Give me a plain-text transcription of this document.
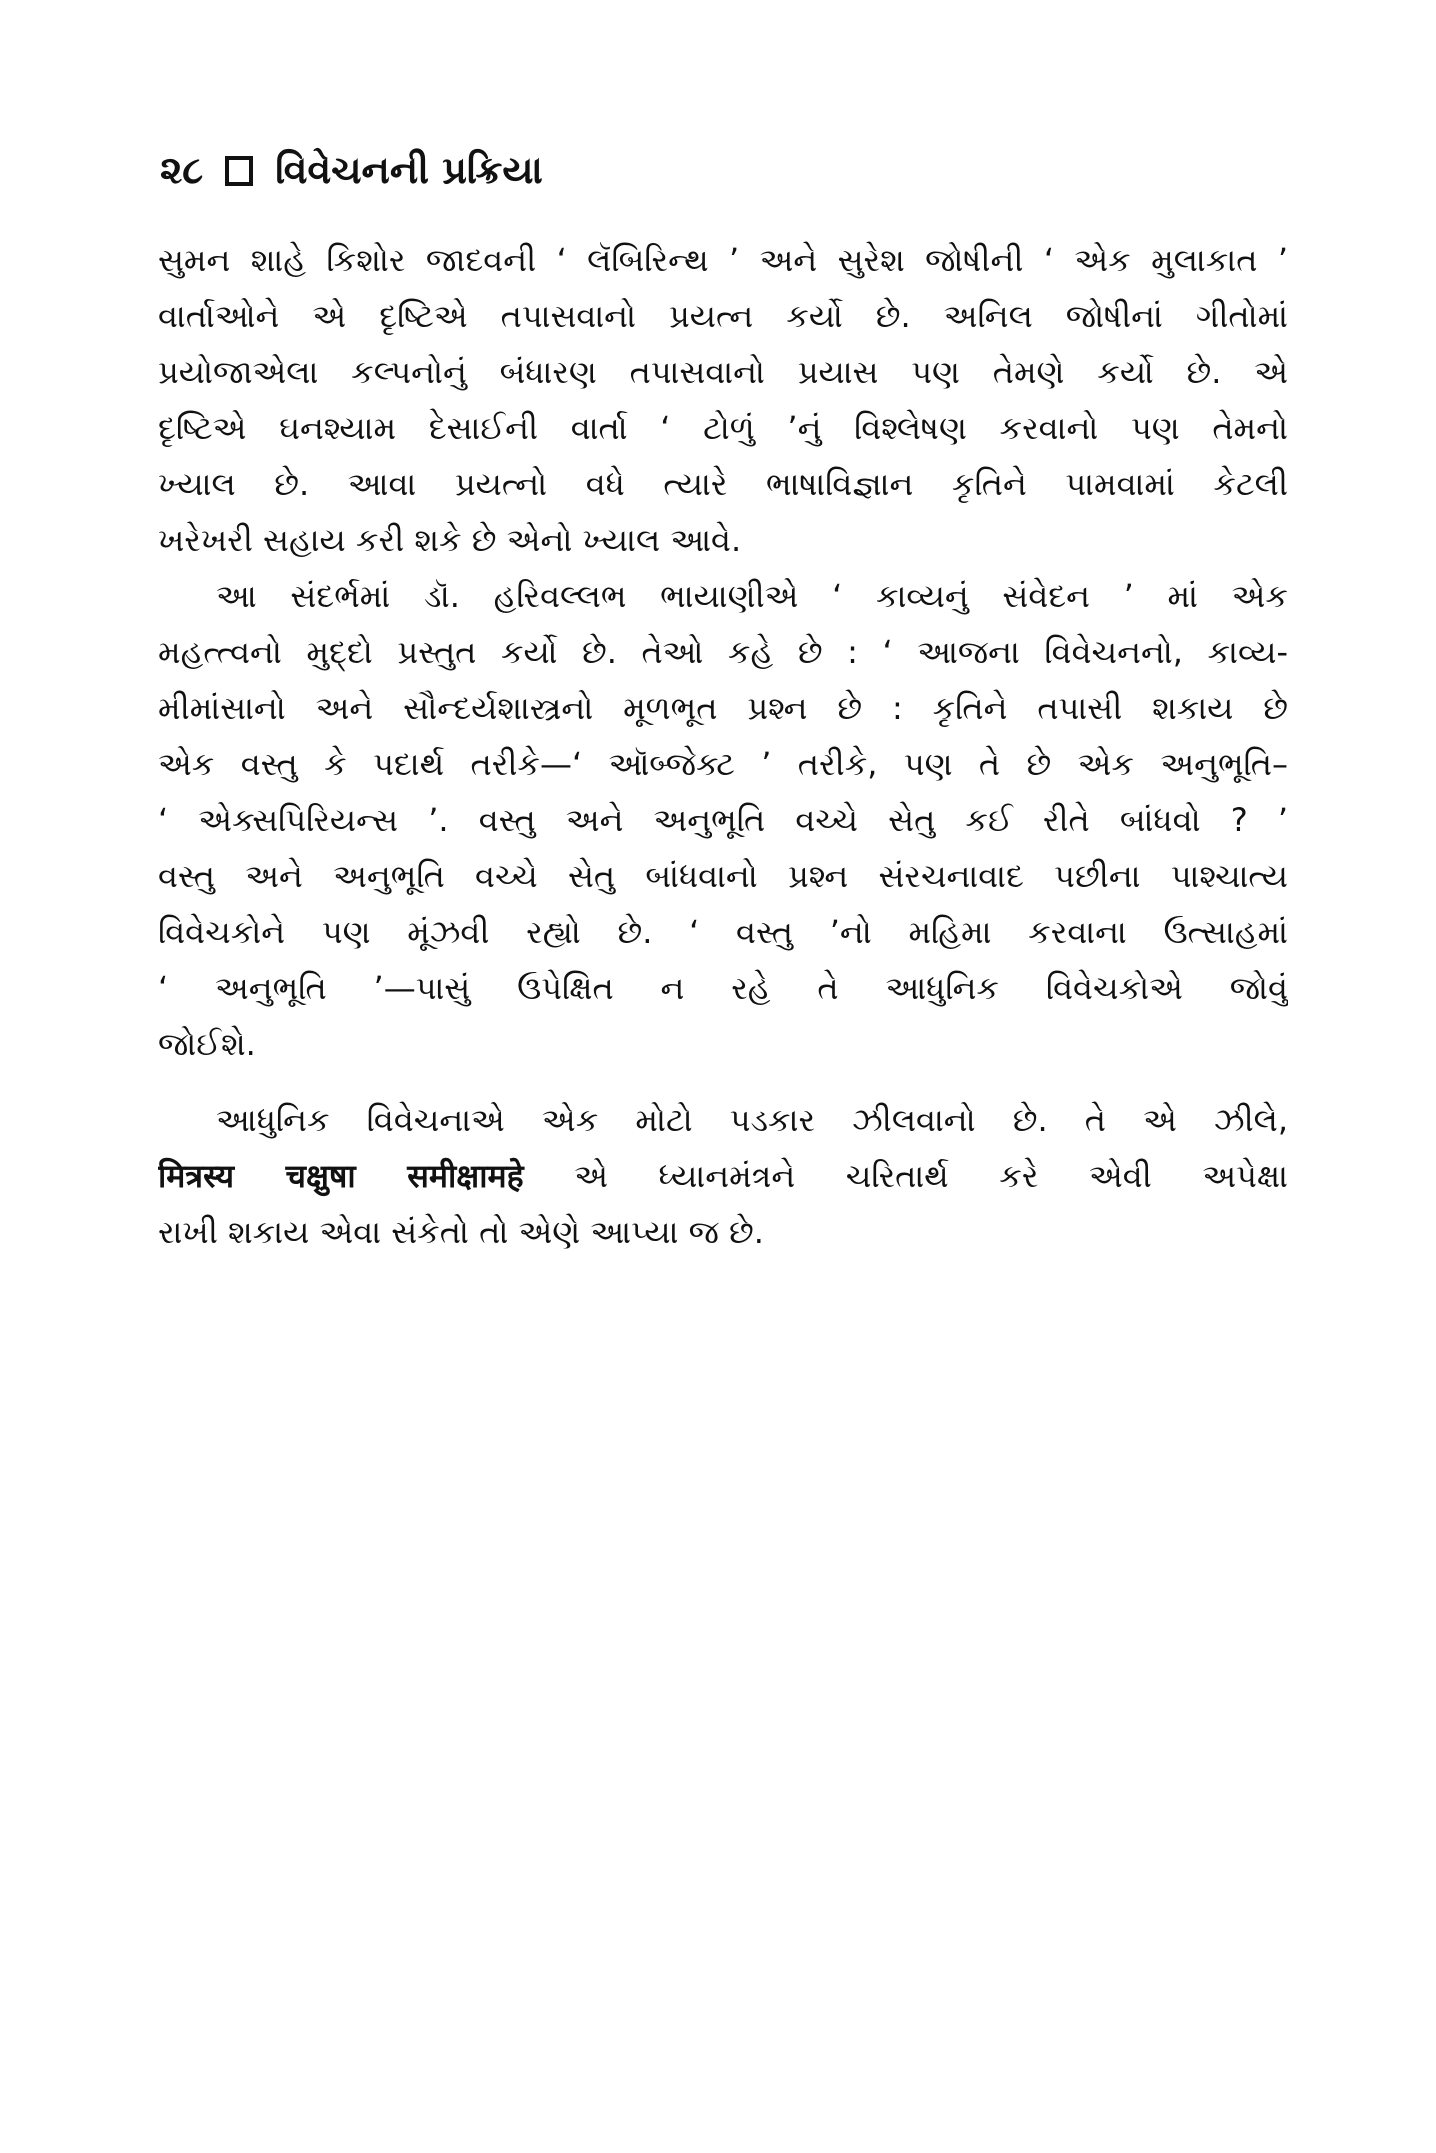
૨૮ વિવેચનની પ્રક્રિયા
સુમન શાહે કિશોર જાદવની ‘ લૅબિરિન્થ ’ અને સુરેશ જોષીની ‘ એક મુલાકાત ’
વાર્તાઓને એ દૃષ્ટિએ તપાસવાનો પ્રયત્ન કર્યો છે. અનિલ જોષીનાં ગીતોમાં
પ્રયોજાએલા કલ્પનોનું બંધારણ તપાસવાનો પ્રયાસ પણ તેમણે કર્યો છે. એ
દૃષ્ટિએ ઘનશ્યામ દેસાઈની વાર્તા ‘ ટોળું ’નું વિશ્લેષણ કરવાનો પણ તેમનો
ખ્યાલ છે. આવા પ્રયત્નો વધે ત્યારે ભાષાવિજ્ઞાન કૃતિને પામવામાં કેટલી
ખરેખરી સહાય કરી શકે છે એનો ખ્યાલ આવે.
આ સંદર્ભમાં ડૉ. હરિવલ્લભ ભાયાણીએ ‘ કાવ્યનું સંવેદન ’ માં એક
મહત્ત્વનો મુદ્દો પ્રસ્તુત કર્યો છે. તેઓ કહે છે : ‘ આજના વિવેચનનો, કાવ્ય-
મીમાંસાનો અને સૌન્દર્યશાસ્ત્રનો મૂળભૂત પ્રશ્ન છે : કૃતિને તપાસી શકાય છે
એક વસ્તુ કે પદાર્થ તરીકે—‘ ઑબ્જેક્ટ ’ તરીકે, પણ તે છે એક અનુભૂતિ–
‘ એક્સપિરિયન્સ ’. વસ્તુ અને અનુભૂતિ વચ્ચે સેતુ કઈ રીતે બાંધવો ? ’
વસ્તુ અને અનુભૂતિ વચ્ચે સેતુ બાંધવાનો પ્રશ્ન સંરચનાવાદ પછીના પાશ્ચાત્ય
વિવેચકોને પણ મૂંઝવી રહ્યો છે. ‘ વસ્તુ ’નો મહિમા કરવાના ઉત્સાહમાં
‘ અનુભૂતિ ’—પાસું ઉપેક્ષિત ન રહે તે આધુનિક વિવેચકોએ જોવું
જોઈશે.
આધુનિક વિવેચનાએ એક મોટો પડકાર ઝીલવાનો છે. તે એ ઝીલે,
मित्रस्य चक्षुषा समीक्षामहे એ ધ્યાનમંત્રને ચરિતાર્થ કરે એવી અપેક્ષા
રાખી શકાય એવા સંકેતો તો એણે આપ્યા જ છે.
